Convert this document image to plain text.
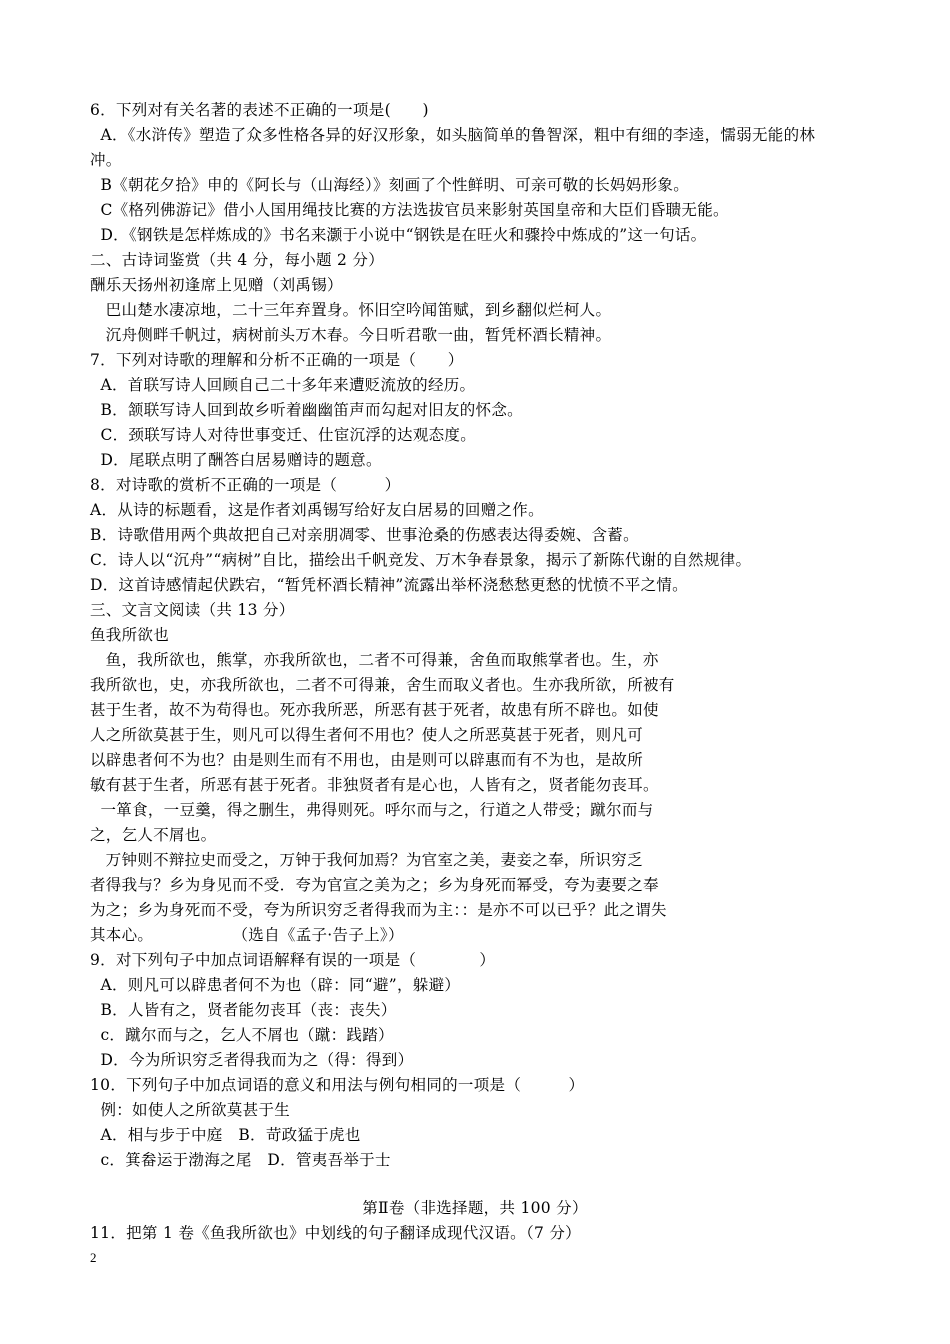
6．下列对有关名著的表述不正确的一项是(　　)
A．《水浒传》塑造了众多性格各异的好汉形象，如头脑简单的鲁智深，粗中有细的李逵，懦弱无能的林
冲。
B《朝花夕拾》申的《阿长与（山海经）》刻画了个性鲜明、可亲可敬的长妈妈形象。
C《格列佛游记》借小人国用绳技比赛的方法选拔官员来影射英国皇帝和大臣们昏聩无能。
D．《钢铁是怎样炼成的》书名来灏于小说中“钢铁是在旺火和骤拎中炼成的”这一句话。
二、古诗词鉴赏（共 4 分，每小题 2 分）
酬乐天扬州初逢席上见赠（刘禹锡）
巴山楚水凄凉地，二十三年弃置身。怀旧空吟闻笛赋，到乡翻似烂柯人。
沉舟侧畔千帆过，病树前头万木春。今日听君歌一曲，暂凭杯酒长精神。
7．下列对诗歌的理解和分析不正确的一项是（　　）
A．首联写诗人回顾自己二十多年来遭贬流放的经历。
B．颔联写诗人回到故乡听着幽幽笛声而勾起对旧友的怀念。
C．颈联写诗人对待世事变迁、仕宦沉浮的达观态度。
D．尾联点明了酬答白居易赠诗的题意。
8．对诗歌的赏析不正确的一项是（　　　）
A．从诗的标题看，这是作者刘禹锡写给好友白居易的回赠之作。
B．诗歌借用两个典故把自己对亲朋凋零、世事沧桑的伤感表达得委婉、含蓄。
C．诗人以“沉舟”“病树”自比，描绘出千帆竞发、万木争春景象，揭示了新陈代谢的自然规律。
D．这首诗感情起伏跌宕，“暂凭杯酒长精神”流露出举杯浇愁愁更愁的忧愤不平之情。
三、文言文阅读（共 13 分）
鱼我所欲也
鱼，我所欲也，熊掌，亦我所欲也，二者不可得兼，舍鱼而取熊掌者也。生，亦
我所欲也，史，亦我所欲也，二者不可得兼，舍生而取义者也。生亦我所欲，所被有
甚于生者，故不为苟得也。死亦我所恶，所恶有甚于死者，故患有所不辟也。如使
人之所欲莫甚于生，则凡可以得生者何不用也？使人之所恶莫甚于死者，则凡可
以辟患者何不为也？由是则生而有不用也，由是则可以辟惠而有不为也，是故所
敏有甚于生者，所恶有甚于死者。非独贤者有是心也，人皆有之，贤者能勿丧耳。
一箪食，一豆羹，得之删生，弗得则死。呼尔而与之，行道之人带受；蹴尔而与
之，乞人不屑也。
万钟则不辩拉史而受之，万钟于我何加焉？为官室之美，妻妾之奉，所识穷乏
者得我与？乡为身见而不受．夸为官宣之美为之；乡为身死而幂受，夸为妻要之奉
为之；乡为身死而不受，夸为所识穷乏者得我而为主：：是亦不可以已乎？此之谓失
其本心。　　　　　　（选自《孟子·告子上》）
9．对下列句子中加点词语解释有误的一项是（　　　　）
A．则凡可以辟患者何不为也（辟：同“避”，躲避）
B．人皆有之，贤者能勿丧耳（丧：丧失）
c．蹴尔而与之，乞人不屑也（蹴：践踏）
D．今为所识穷乏者得我而为之（得：得到）
10．下列句子中加点词语的意义和用法与例句相同的一项是（　　　）
例：如使人之所欲莫甚于生
A．相与步于中庭　B．苛政猛于虎也
c．箕畚运于渤海之尾　D．管夷吾举于士
第Ⅱ卷（非选择题，共 100 分）
11．把第 1 卷《鱼我所欲也》中划线的句子翻译成现代汉语。（7 分）
2
